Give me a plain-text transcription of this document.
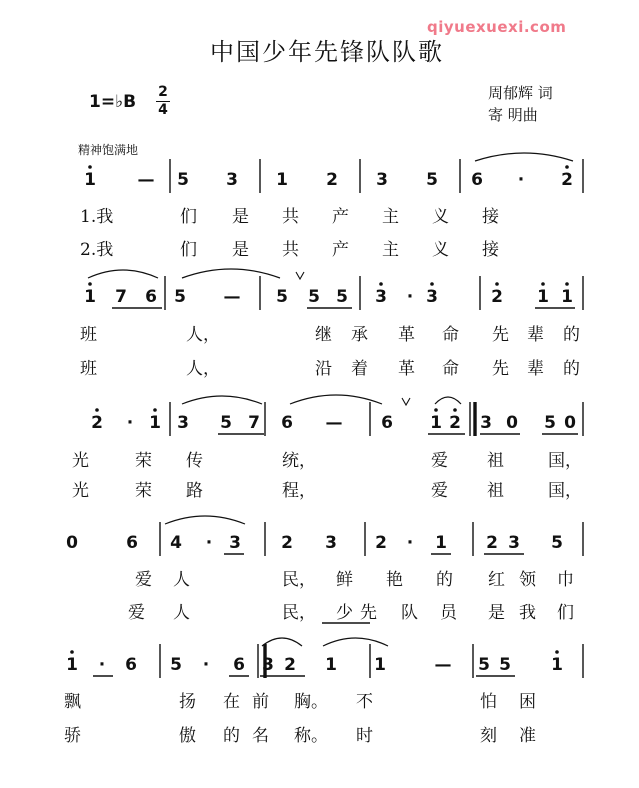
中国少年先锋队队歌
qiyuexuexi.com
1=♭B 2
4
周郁辉 词
寄 明曲
精神饱满地
1 — 5 3 1 2 3 5 6 · 2
1.我	们 是 共 产 主 义 接
2.我	们 是 共 产 主 义 接
1 7 6 5 — 5 5 5 3 · 3	2 1 1
班	人，	继 承 革 命 先 辈 的
班	人，	沿 着 革 命 先 辈 的
2 · 1 3 5 7 6 — 6 1 2 3 0 5 0
光	荣 传	统，	爱 祖	国，
光	荣 路	程，	爱 祖	国，
0	6 4 · 3 2 3 2 · 1 2 3 5
爱 人	民， 鲜 艳 的 红 领 巾
爱 人	民， 少 先 队 员 是 我 们
1 · 6 5 · 6 3 2 1 1	— 5 5 1
飘	扬 在 前 胸。 不	怕 困
骄	傲 的 名 称。 时	刻 准
